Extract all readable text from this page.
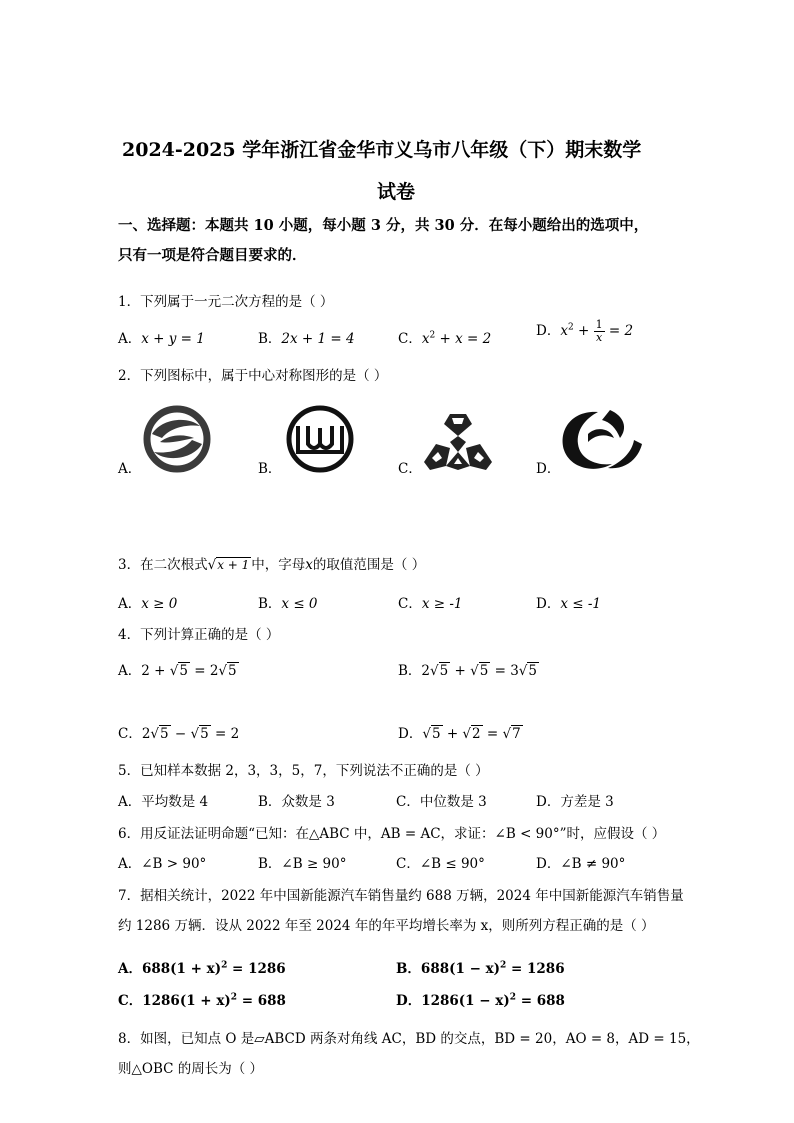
2024-2025 学年浙江省金华市义乌市八年级（下）期末数学
试卷
一、选择题：本题共 10 小题，每小题 3 分，共 30 分．在每小题给出的选项中，
只有一项是符合题目要求的．
1．下列属于一元二次方程的是（ ）
A．x + y = 1	B．2x + 1 = 4	C．$x^2 + x = 2$	D．$x^2 + \frac{1}{x} = 2$
2．下列图标中，属于中心对称图形的是（ ）
A．	B．	C．	D．
3．在二次根式√x + 1 中，字母x的取值范围是（ ）
A．x ≥ 0	B．x ≤ 0	C．x ≥ -1	D．x ≤ -1
4．下列计算正确的是（ ）
A．2 + √5 = 2√5	B．2√5 + √5 = 3√5
C．2√5 − √5 = 2	D．√5 + √2 = √7
5．已知样本数据 2，3，3，5，7，下列说法不正确的是（ ）
A．平均数是 4	B．众数是 3	C．中位数是 3	D．方差是 3
6．用反证法证明命题“已知：在△ABC 中，AB = AC，求证：∠B < 90°”时，应假设（ ）
A．∠B > 90°	B．∠B ≥ 90°	C．∠B ≤ 90°	D．∠B ≠ 90°
7．据相关统计，2022 年中国新能源汽车销售量约 688 万辆，2024 年中国新能源汽车销售量
约 1286 万辆．设从 2022 年至 2024 年的年平均增长率为 x，则所列方程正确的是（ ）
A．$688(1 + x)^2 = 1286$	B．$688(1 - x)^2 = 1286$
C．$1286(1 + x)^2 = 688$	D．$1286(1 - x)^2 = 688$
8．如图，已知点 O 是▱ABCD 两条对角线 AC，BD 的交点，BD = 20，AO = 8，AD = 15，
则△OBC 的周长为（ ）
